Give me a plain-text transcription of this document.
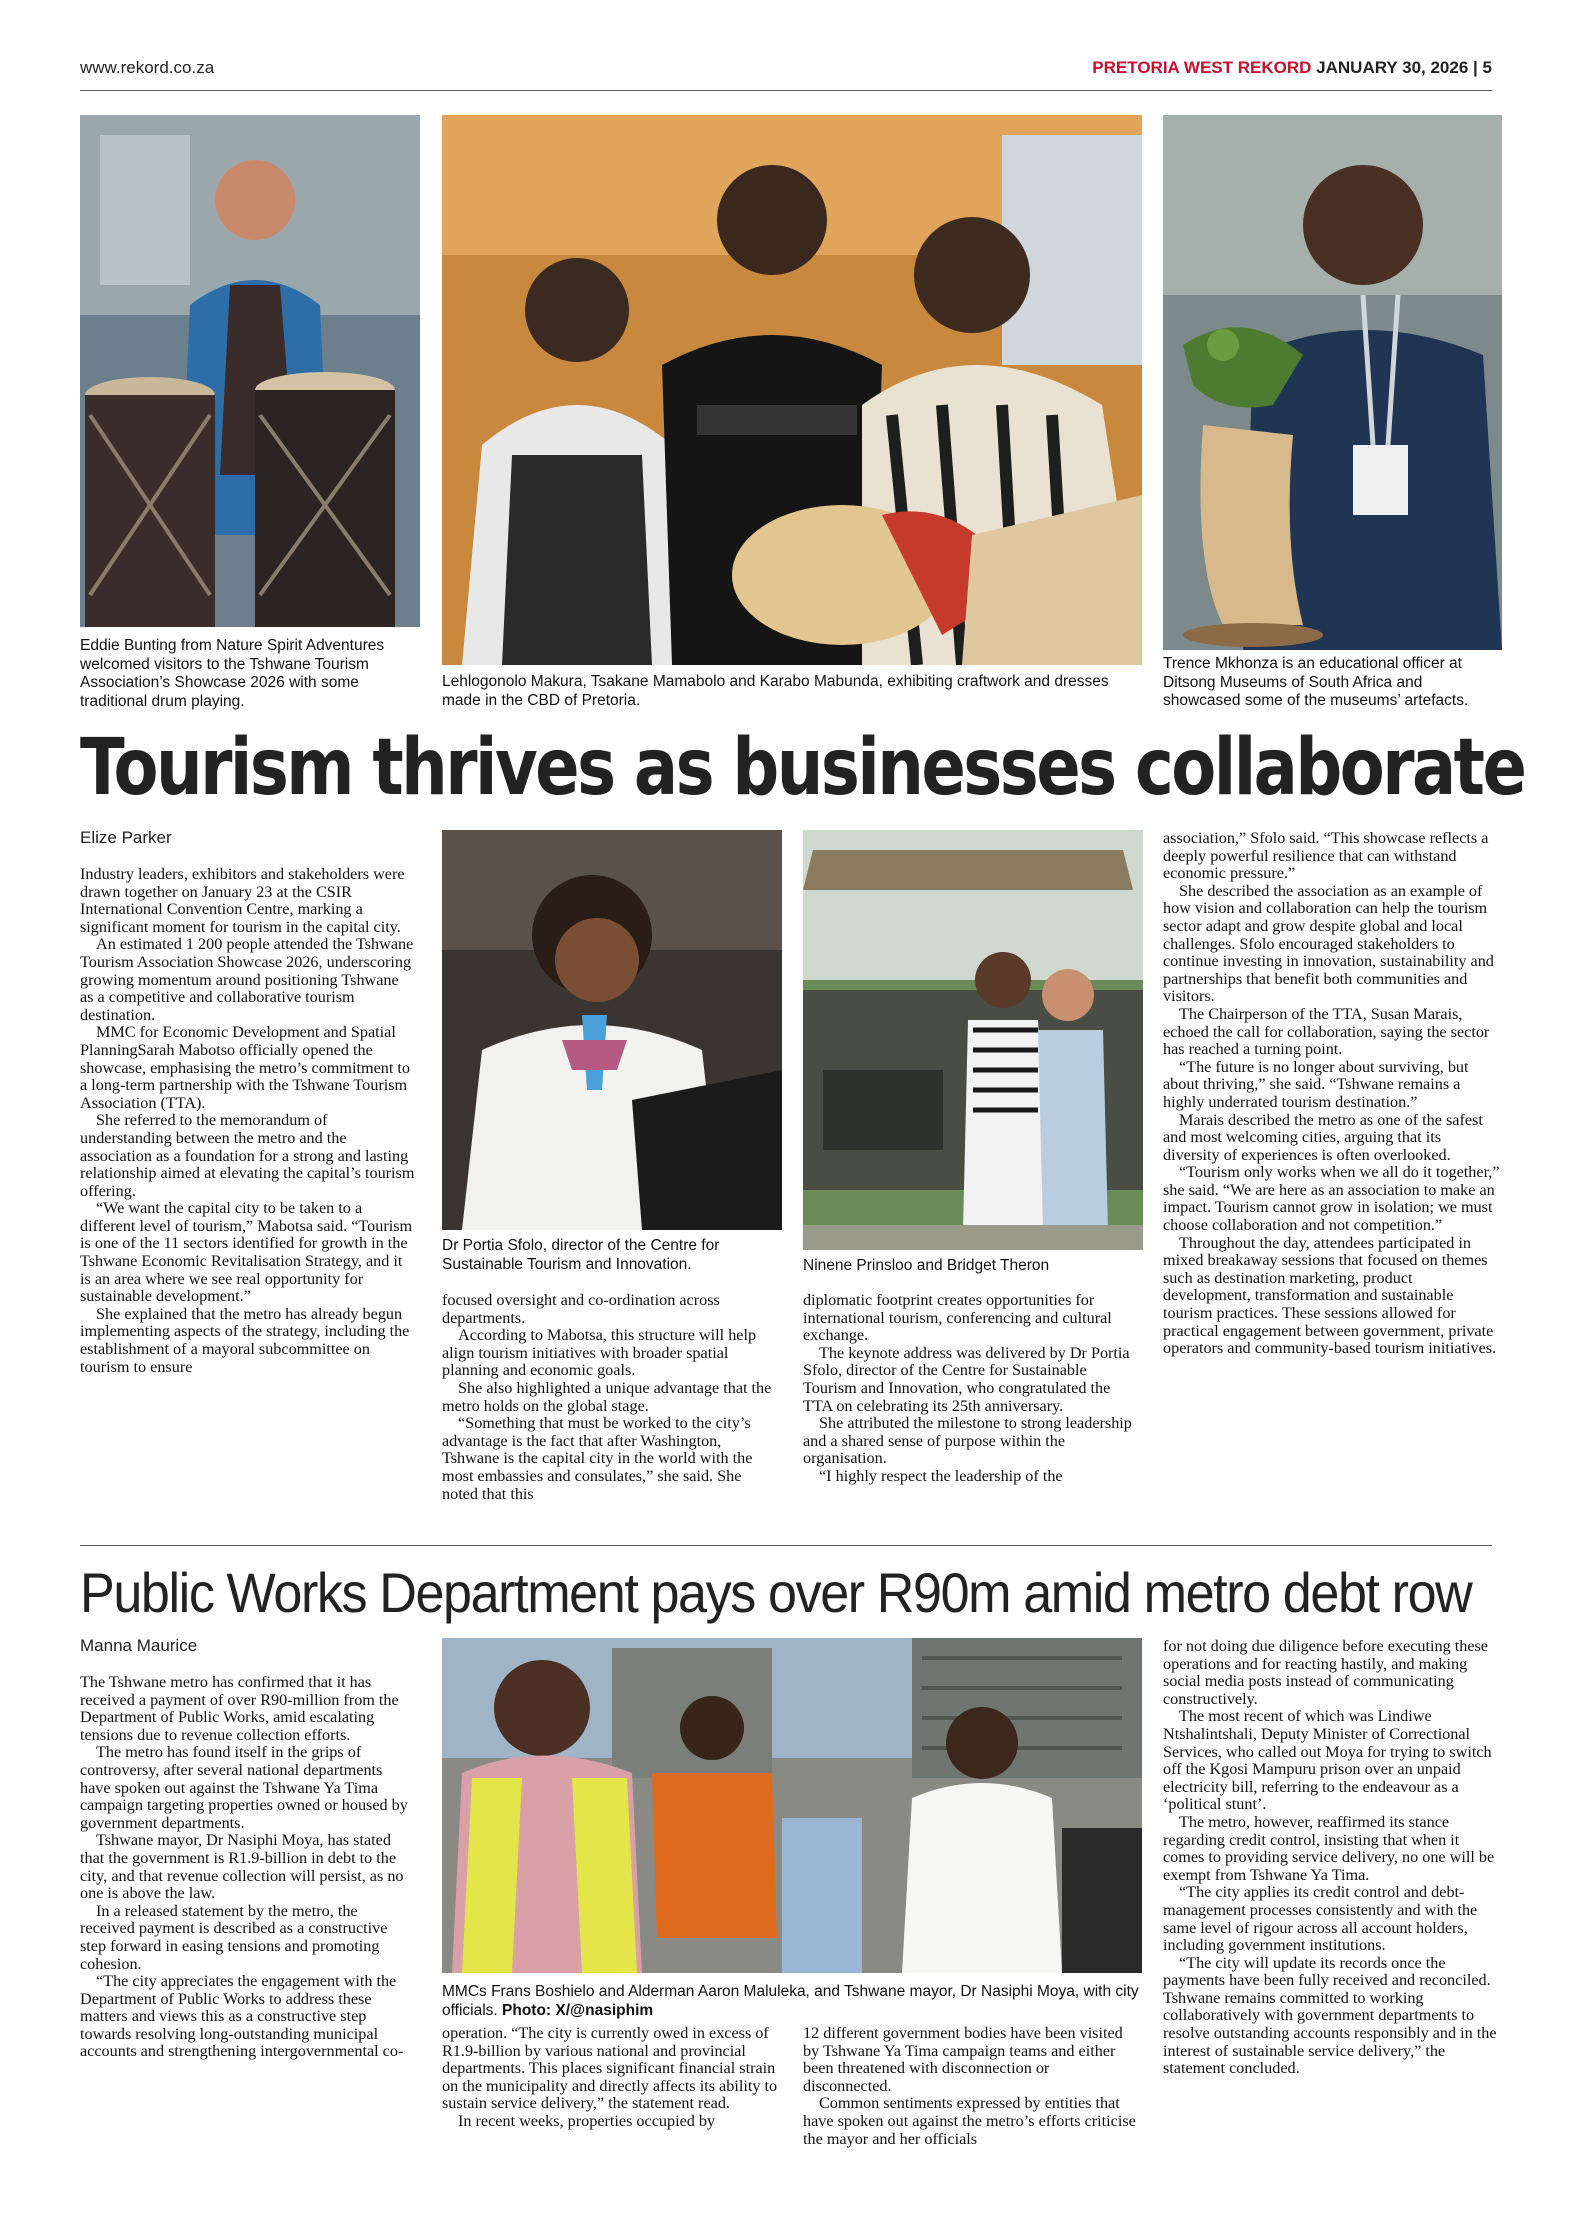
www.rekord.co.za	PRETORIA WEST REKORD JANUARY 30, 2026 | 5

Eddie Bunting from Nature Spirit Adventures welcomed visitors to the Tshwane Tourism Association’s Showcase 2026 with some traditional drum playing.

Lehlogonolo Makura, Tsakane Mamabolo and Karabo Mabunda, exhibiting craftwork and dresses made in the CBD of Pretoria.

Trence Mkhonza is an educational officer at Ditsong Museums of South Africa and showcased some of the museums’ artefacts.

Tourism thrives as businesses collaborate
Elize Parker

Industry leaders, exhibitors and stakeholders were drawn together on January 23 at the CSIR International Convention Centre, marking a significant moment for tourism in the capital city.

An estimated 1 200 people attended the Tshwane Tourism Association Showcase 2026, underscoring growing momentum around positioning Tshwane as a competitive and collaborative tourism destination.

MMC for Economic Development and Spatial PlanningSarah Mabotso officially opened the showcase, emphasising the metro’s commitment to a long-term partnership with the Tshwane Tourism Association (TTA).

She referred to the memorandum of understanding between the metro and the association as a foundation for a strong and lasting relationship aimed at elevating the capital’s tourism offering.

“We want the capital city to be taken to a different level of tourism,” Mabotsa said. “Tourism is one of the 11 sectors identified for growth in the Tshwane Economic Revitalisation Strategy, and it is an area where we see real opportunity for sustainable development.”

She explained that the metro has already begun implementing aspects of the strategy, including the establishment of a mayoral subcommittee on tourism to ensure

Dr Portia Sfolo, director of the Centre for Sustainable Tourism and Innovation.	Ninene Prinsloo and Bridget Theron

focused oversight and co-ordination across departments.

According to Mabotsa, this structure will help align tourism initiatives with broader spatial planning and economic goals.

She also highlighted a unique advantage that the metro holds on the global stage.

“Something that must be worked to the city’s advantage is the fact that after Washington, Tshwane is the capital city in the world with the most embassies and consulates,” she said. She noted that this

diplomatic footprint creates opportunities for international tourism, conferencing and cultural exchange.

The keynote address was delivered by Dr Portia Sfolo, director of the Centre for Sustainable Tourism and Innovation, who congratulated the TTA on celebrating its 25th anniversary.

She attributed the milestone to strong leadership and a shared sense of purpose within the organisation.

“I highly respect the leadership of the

association,” Sfolo said. “This showcase reflects a deeply powerful resilience that can withstand economic pressure.”

She described the association as an example of how vision and collaboration can help the tourism sector adapt and grow despite global and local challenges. Sfolo encouraged stakeholders to continue investing in innovation, sustainability and partnerships that benefit both communities and visitors.

The Chairperson of the TTA, Susan Marais, echoed the call for collaboration, saying the sector has reached a turning point.

“The future is no longer about surviving, but about thriving,” she said. “Tshwane remains a highly underrated tourism destination.”

Marais described the metro as one of the safest and most welcoming cities, arguing that its diversity of experiences is often overlooked.

“Tourism only works when we all do it together,” she said. “We are here as an association to make an impact. Tourism cannot grow in isolation; we must choose collaboration and not competition.”

Throughout the day, attendees participated in mixed breakaway sessions that focused on themes such as destination marketing, product development, transformation and sustainable tourism practices. These sessions allowed for practical engagement between government, private operators and community-based tourism initiatives.

Public Works Department pays over R90m amid metro debt row
Manna Maurice

The Tshwane metro has confirmed that it has received a payment of over R90-million from the Department of Public Works, amid escalating tensions due to revenue collection efforts.

The metro has found itself in the grips of controversy, after several national departments have spoken out against the Tshwane Ya Tima campaign targeting properties owned or housed by government departments.

Tshwane mayor, Dr Nasiphi Moya, has stated that the government is R1.9-billion in debt to the city, and that revenue collection will persist, as no one is above the law.

In a released statement by the metro, the received payment is described as a constructive step forward in easing tensions and promoting cohesion.

“The city appreciates the engagement with the Department of Public Works to address these matters and views this as a constructive step towards resolving long-outstanding municipal accounts and strengthening intergovernmental co-

MMCs Frans Boshielo and Alderman Aaron Maluleka, and Tshwane mayor, Dr Nasiphi Moya, with city officials. Photo: X/@nasiphim

operation. “The city is currently owed in excess of R1.9-billion by various national and provincial departments. This places significant financial strain on the municipality and directly affects its ability to sustain service delivery,” the statement read.

In recent weeks, properties occupied by

12 different government bodies have been visited by Tshwane Ya Tima campaign teams and either been threatened with disconnection or disconnected.

Common sentiments expressed by entities that have spoken out against the metro’s efforts criticise the mayor and her officials

for not doing due diligence before executing these operations and for reacting hastily, and making social media posts instead of communicating constructively.

The most recent of which was Lindiwe Ntshalintshali, Deputy Minister of Correctional Services, who called out Moya for trying to switch off the Kgosi Mampuru prison over an unpaid electricity bill, referring to the endeavour as a ‘political stunt’.

The metro, however, reaffirmed its stance regarding credit control, insisting that when it comes to providing service delivery, no one will be exempt from Tshwane Ya Tima.

“The city applies its credit control and debt-management processes consistently and with the same level of rigour across all account holders, including government institutions.

“The city will update its records once the payments have been fully received and reconciled. Tshwane remains committed to working collaboratively with government departments to resolve outstanding accounts responsibly and in the interest of sustainable service delivery,” the statement concluded.
